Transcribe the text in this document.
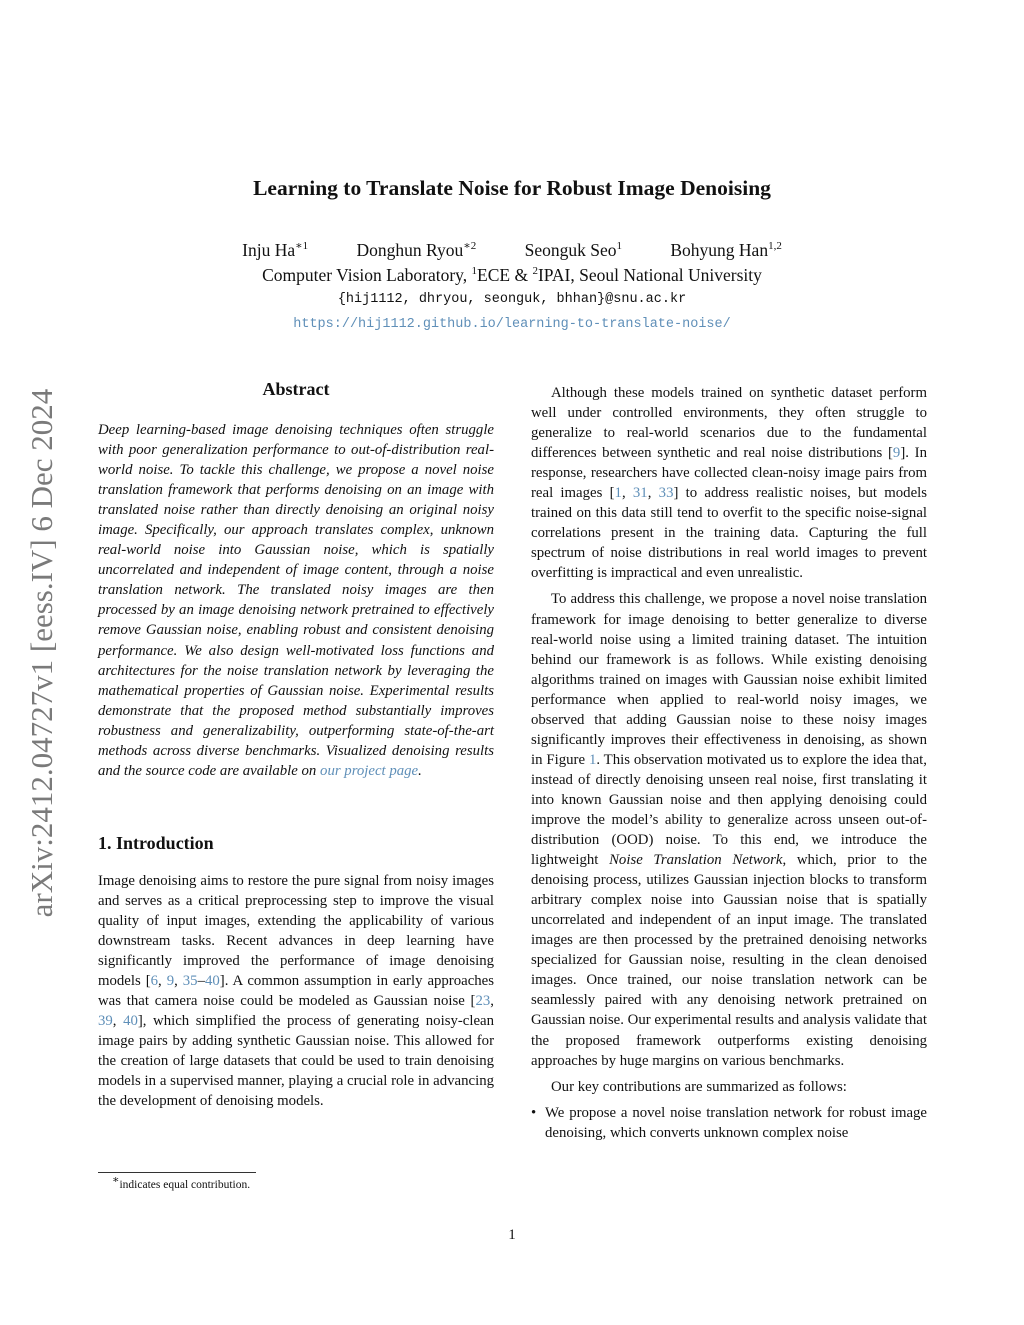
arXiv:2412.04727v1 [eess.IV] 6 Dec 2024
Learning to Translate Noise for Robust Image Denoising
Inju $Ha^{∗1}$	Donghun Ryou$^{∗2}$	Seonguk Seo$^1$	Bohyung Han$^{1,2}$
Computer Vision Laboratory, $^1$ECE & $^2$IPAI, Seoul National University
{hij1112, dhryou, seonguk, bhhan}@snu.ac.kr
https://hij1112.github.io/learning-to-translate-noise/
Abstract

Deep learning-based image denoising techniques often struggle with poor generalization performance to out-of-distribution real-world noise. To tackle this challenge, we propose a novel noise translation framework that performs denoising on an image with translated noise rather than directly denoising an original noisy image. Specifically, our approach translates complex, unknown real-world noise into Gaussian noise, which is spatially uncorrelated and independent of image content, through a noise translation network. The translated noisy images are then processed by an image denoising network pretrained to effectively remove Gaussian noise, enabling robust and consistent denoising performance. We also design well-motivated loss functions and architectures for the noise translation network by leveraging the mathematical properties of Gaussian noise. Experimental results demonstrate that the proposed method substantially improves robustness and generalizability, outperforming state-of-the-art methods across diverse benchmarks. Visualized denoising results and the source code are available on our project page.

1. Introduction

Image denoising aims to restore the pure signal from noisy images and serves as a critical preprocessing step to improve the visual quality of input images, extending the applicability of various downstream tasks. Recent advances in deep learning have significantly improved the performance of image denoising models [6, 9, 35–40]. A common assumption in early approaches was that camera noise could be modeled as Gaussian noise [23, 39, 40], which simplified the process of generating noisy-clean image pairs by adding synthetic Gaussian noise. This allowed for the creation of large datasets that could be used to train denoising models in a supervised manner, playing a crucial role in advancing the development of denoising models.

Although these models trained on synthetic dataset perform well under controlled environments, they often struggle to generalize to real-world scenarios due to the fundamental differences between synthetic and real noise distributions [9]. In response, researchers have collected clean-noisy image pairs from real images [1, 31, 33] to address realistic noises, but models trained on this data still tend to overfit to the specific noise-signal correlations present in the training data. Capturing the full spectrum of noise distributions in real world images to prevent overfitting is impractical and even unrealistic.

To address this challenge, we propose a novel noise translation framework for image denoising to better generalize to diverse real-world noise using a limited training dataset. The intuition behind our framework is as follows. While existing denoising algorithms trained on images with Gaussian noise exhibit limited performance when applied to real-world noisy images, we observed that adding Gaussian noise to these noisy images significantly improves their effectiveness in denoising, as shown in Figure 1. This observation motivated us to explore the idea that, instead of directly denoising unseen real noise, first translating it into known Gaussian noise and then applying denoising could improve the model’s ability to generalize across unseen out-of-distribution (OOD) noise. To this end, we introduce the lightweight Noise Translation Network, which, prior to the denoising process, utilizes Gaussian injection blocks to transform arbitrary complex noise into Gaussian noise that is spatially uncorrelated and independent of an input image. The translated images are then processed by the pretrained denoising networks specialized for Gaussian noise, resulting in the clean denoised images. Once trained, our noise translation network can be seamlessly paired with any denoising network pretrained on Gaussian noise. Our experimental results and analysis validate that the proposed framework outperforms existing denoising approaches by huge margins on various benchmarks.

Our key contributions are summarized as follows:

• We propose a novel noise translation network for robust image denoising, which converts unknown complex noise

∗indicates equal contribution.
1
